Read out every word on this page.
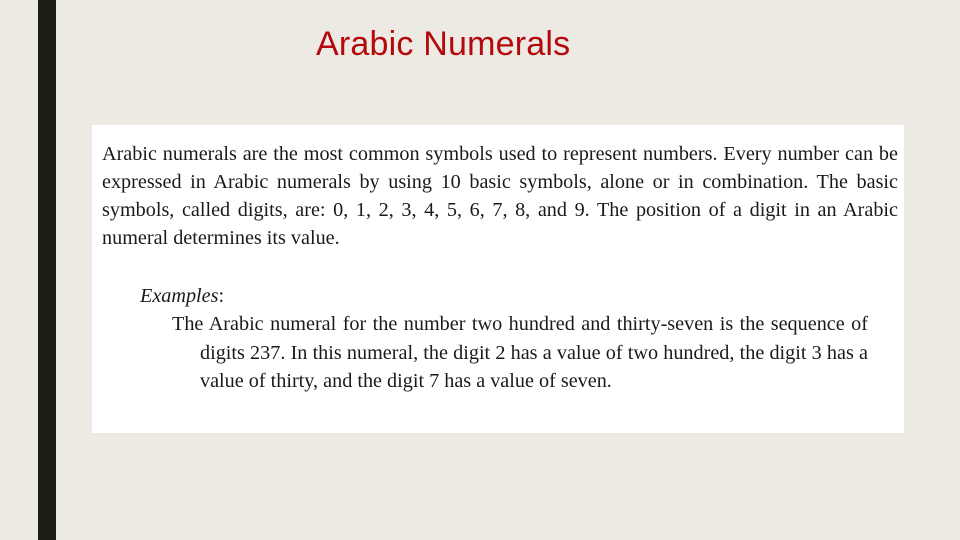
Arabic Numerals

Arabic numerals are the most common symbols used to represent numbers. Every number can be expressed in Arabic numerals by using 10 basic symbols, alone or in combination. The basic symbols, called digits, are: 0, 1, 2, 3, 4, 5, 6, 7, 8, and 9. The position of a digit in an Arabic numeral determines its value.

Examples:

The Arabic numeral for the number two hundred and thirty-seven is the sequence of digits 237. In this numeral, the digit 2 has a value of two hundred, the digit 3 has a value of thirty, and the digit 7 has a value of seven.
